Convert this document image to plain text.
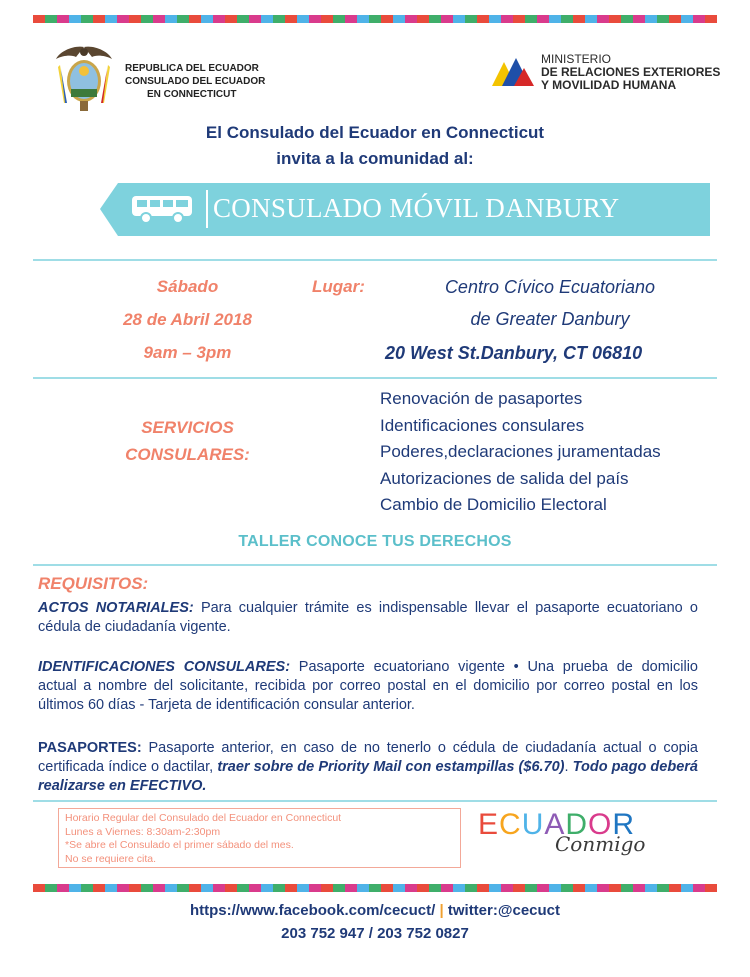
REPUBLICA DEL ECUADOR
CONSULADO DEL ECUADOR
EN CONNECTICUT
MINISTERIO
DE RELACIONES EXTERIORES
Y MOVILIDAD HUMANA
El Consulado del Ecuador en Connecticut
invita a la comunidad al:
CONSULADO MÓVIL DANBURY
Sábado
28 de Abril 2018
9am – 3pm
Lugar:	Centro Cívico Ecuatoriano
de Greater Danbury
20 West St.Danbury, CT 06810
SERVICIOS
CONSULARES:
Renovación de pasaportes
Identificaciones consulares
Poderes,declaraciones juramentadas
Autorizaciones de salida del país
Cambio de Domicilio Electoral
TALLER CONOCE TUS DERECHOS
REQUISITOS:
ACTOS NOTARIALES: Para cualquier trámite es indispensable llevar el pasaporte ecuatoriano o cédula de ciudadanía vigente.
IDENTIFICACIONES CONSULARES: Pasaporte ecuatoriano vigente • Una prueba de domicilio actual a nombre del solicitante, recibida por correo postal en el domicilio por correo postal en los últimos 60 días - Tarjeta de identificación consular anterior.
PASAPORTES: Pasaporte anterior, en caso de no tenerlo o cédula de ciudadanía actual o copia certificada índice o dactilar, traer sobre de Priority Mail con estampillas ($6.70). Todo pago deberá realizarse en EFECTIVO.
Horario Regular del Consulado del Ecuador en Connecticut
Lunes a Viernes: 8:30am-2:30pm
*Se abre el Consulado el primer sábado del mes.
No se requiere cita.
ECUADOR
Conmigo
https://www.facebook.com/cecuct/ | twitter:@cecuct
203 752 947 / 203 752 0827
